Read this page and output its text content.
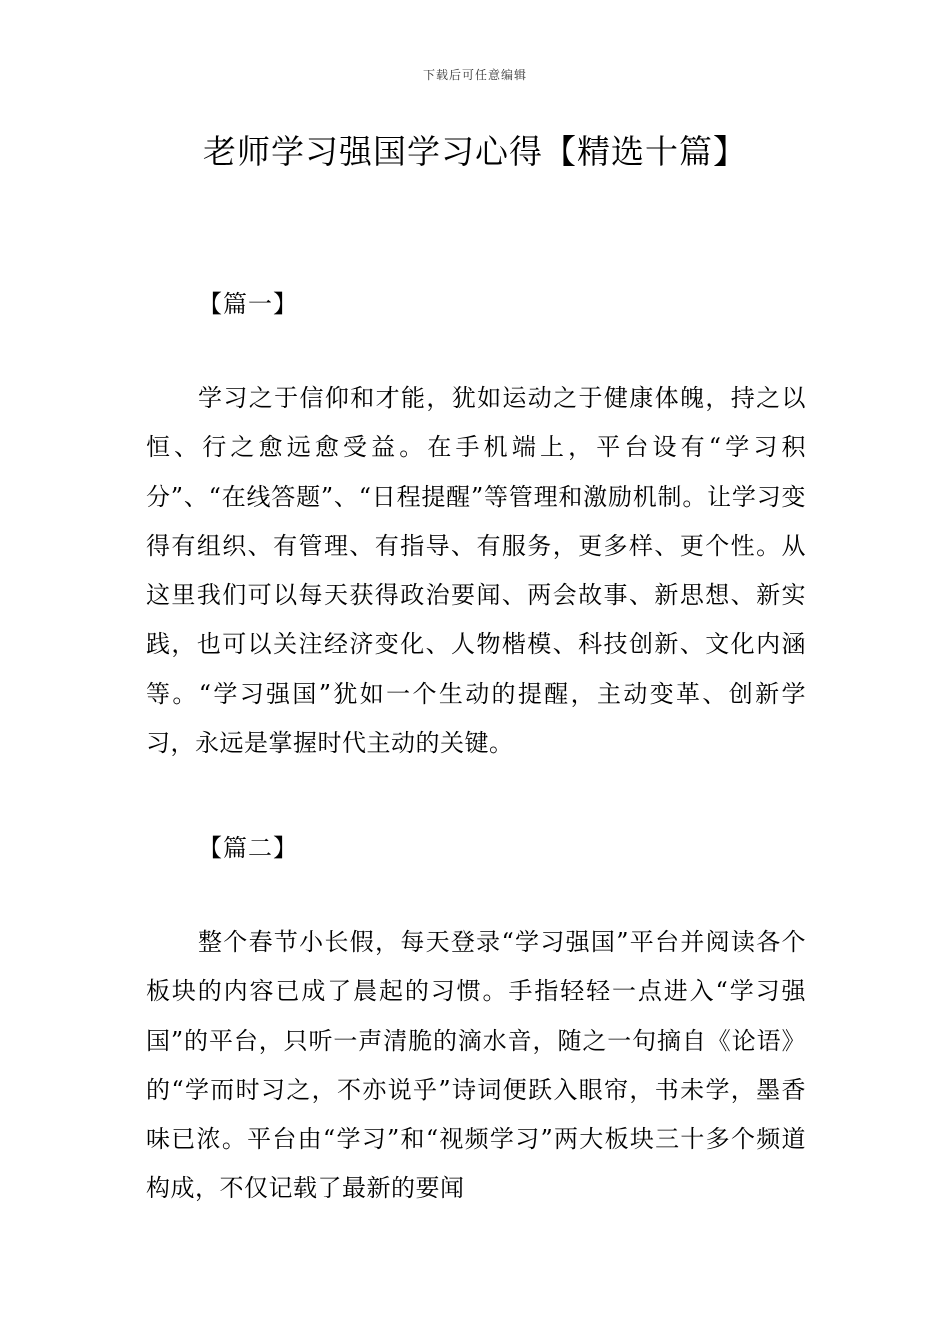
下载后可任意编辑
老师学习强国学习心得【精选十篇】
【篇一】

学习之于信仰和才能，犹如运动之于健康体魄，持之以恒、行之愈远愈受益。在手机端上，平台设有“学习积分”、“在线答题”、“日程提醒”等管理和激励机制。让学习变得有组织、有管理、有指导、有服务，更多样、更个性。从这里我们可以每天获得政治要闻、两会故事、新思想、新实践，也可以关注经济变化、人物楷模、科技创新、文化内涵等。“学习强国”犹如一个生动的提醒，主动变革、创新学习，永远是掌握时代主动的关键。

【篇二】

整个春节小长假，每天登录“学习强国”平台并阅读各个板块的内容已成了晨起的习惯。手指轻轻一点进入“学习强国”的平台，只听一声清脆的滴水音，随之一句摘自《论语》的“学而时习之，不亦说乎”诗词便跃入眼帘，书未学，墨香味已浓。平台由“学习”和“视频学习”两大板块三十多个频道构成，不仅记载了最新的要闻
